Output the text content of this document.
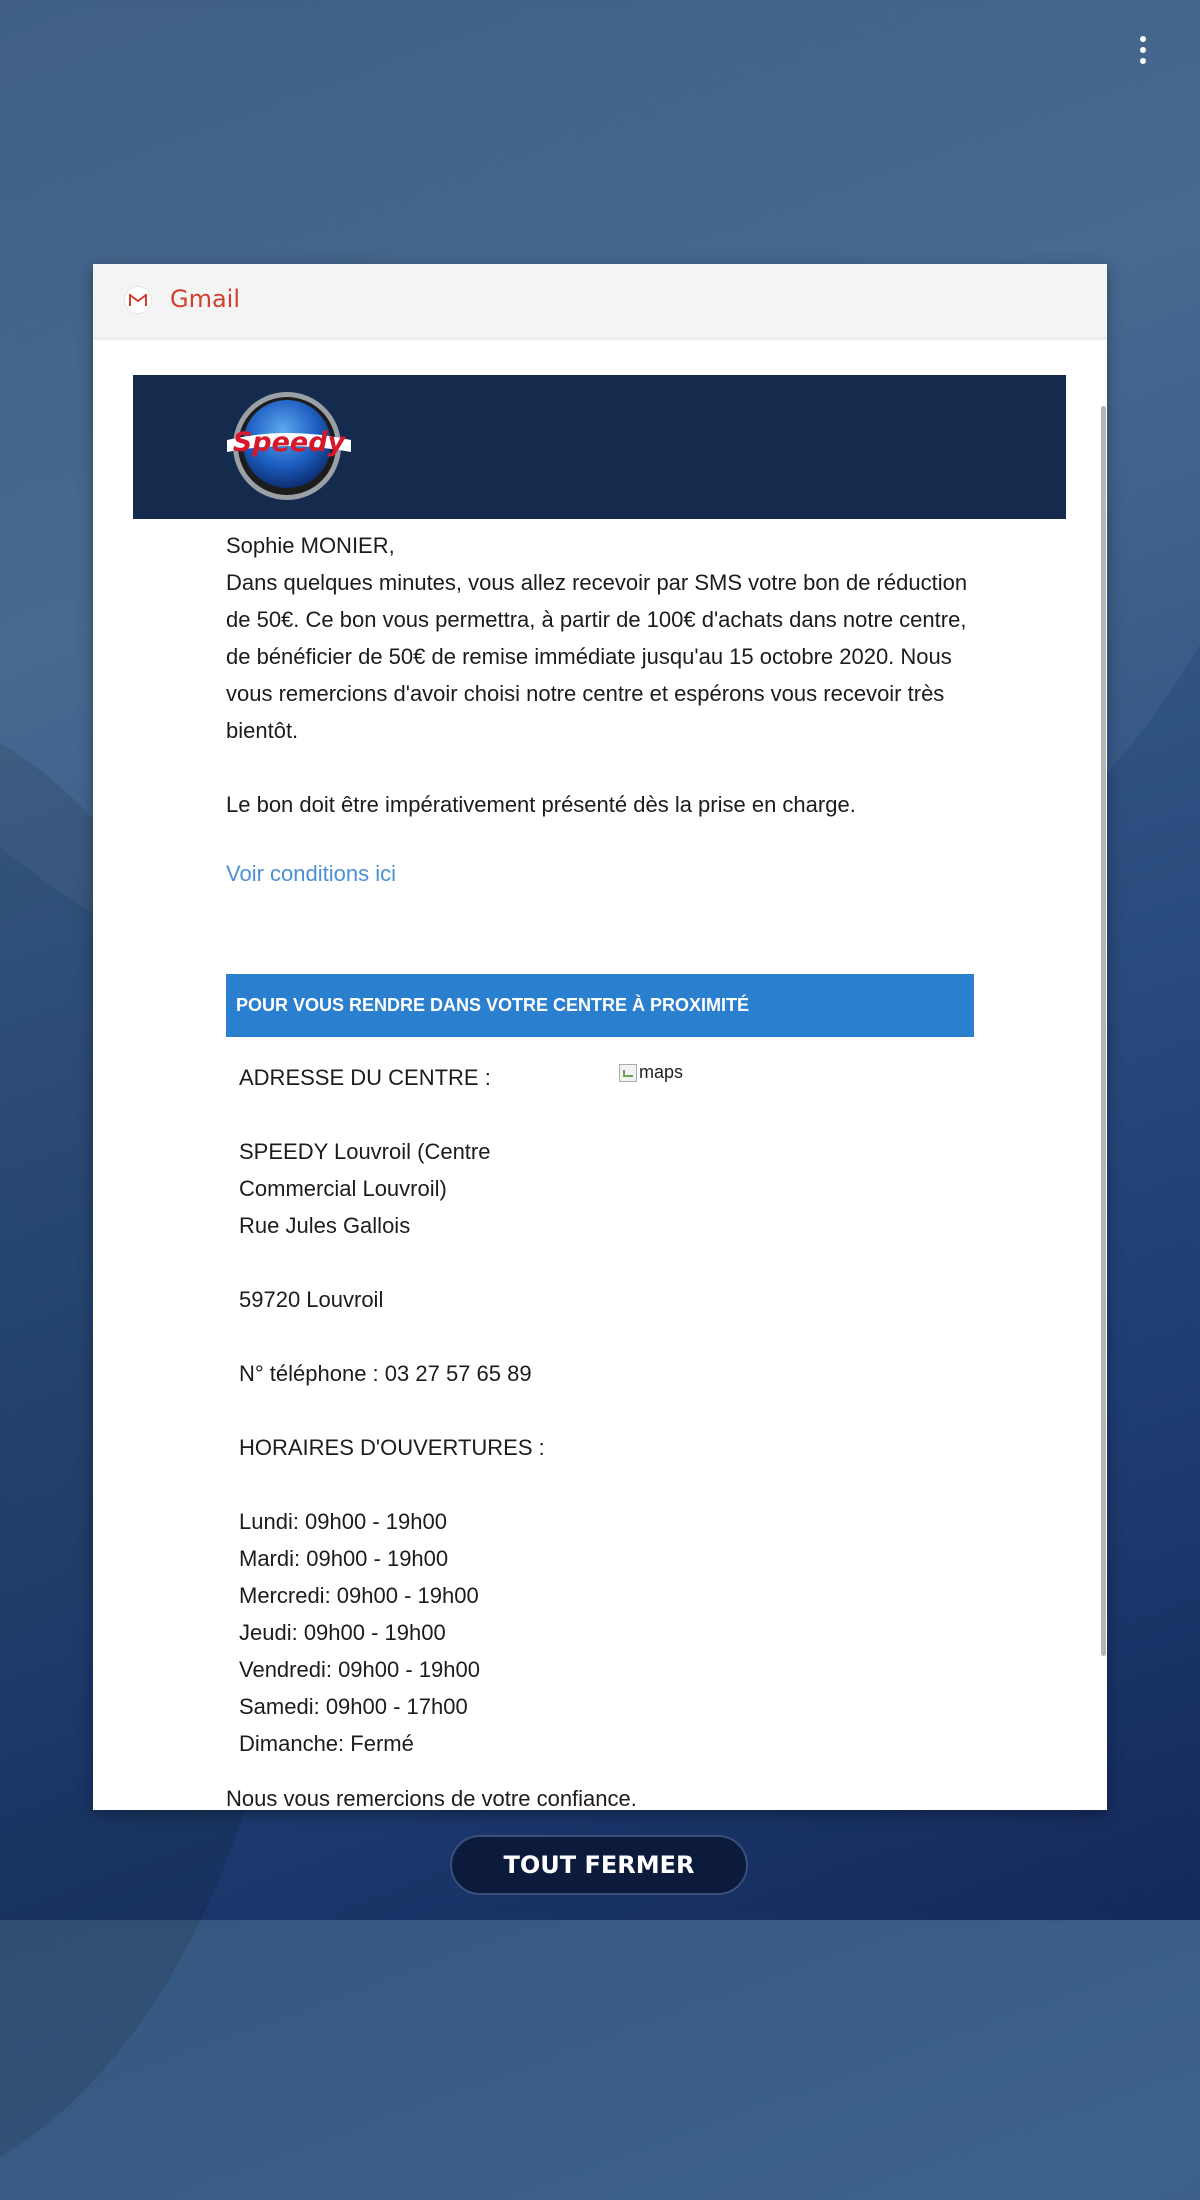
Gmail
Speedy
Sophie MONIER,
Dans quelques minutes, vous allez recevoir par SMS votre bon de réduction de 50€. Ce bon vous permettra, à partir de 100€ d'achats dans notre centre, de bénéficier de 50€ de remise immédiate jusqu'au 15 octobre 2020. Nous vous remercions d'avoir choisi notre centre et espérons vous recevoir très bientôt.
Le bon doit être impérativement présenté dès la prise en charge.
Voir conditions ici
POUR VOUS RENDRE DANS VOTRE CENTRE À PROXIMITÉ
ADRESSE DU CENTRE :
SPEEDY Louvroil (Centre Commercial Louvroil)
Rue Jules Gallois
59720 Louvroil
N° téléphone : 03 27 57 65 89
HORAIRES D'OUVERTURES :
Lundi: 09h00 - 19h00
Mardi: 09h00 - 19h00
Mercredi: 09h00 - 19h00
Jeudi: 09h00 - 19h00
Vendredi: 09h00 - 19h00
Samedi: 09h00 - 17h00
Dimanche: Fermé
maps
Nous vous remercions de votre confiance.
TOUT FERMER
